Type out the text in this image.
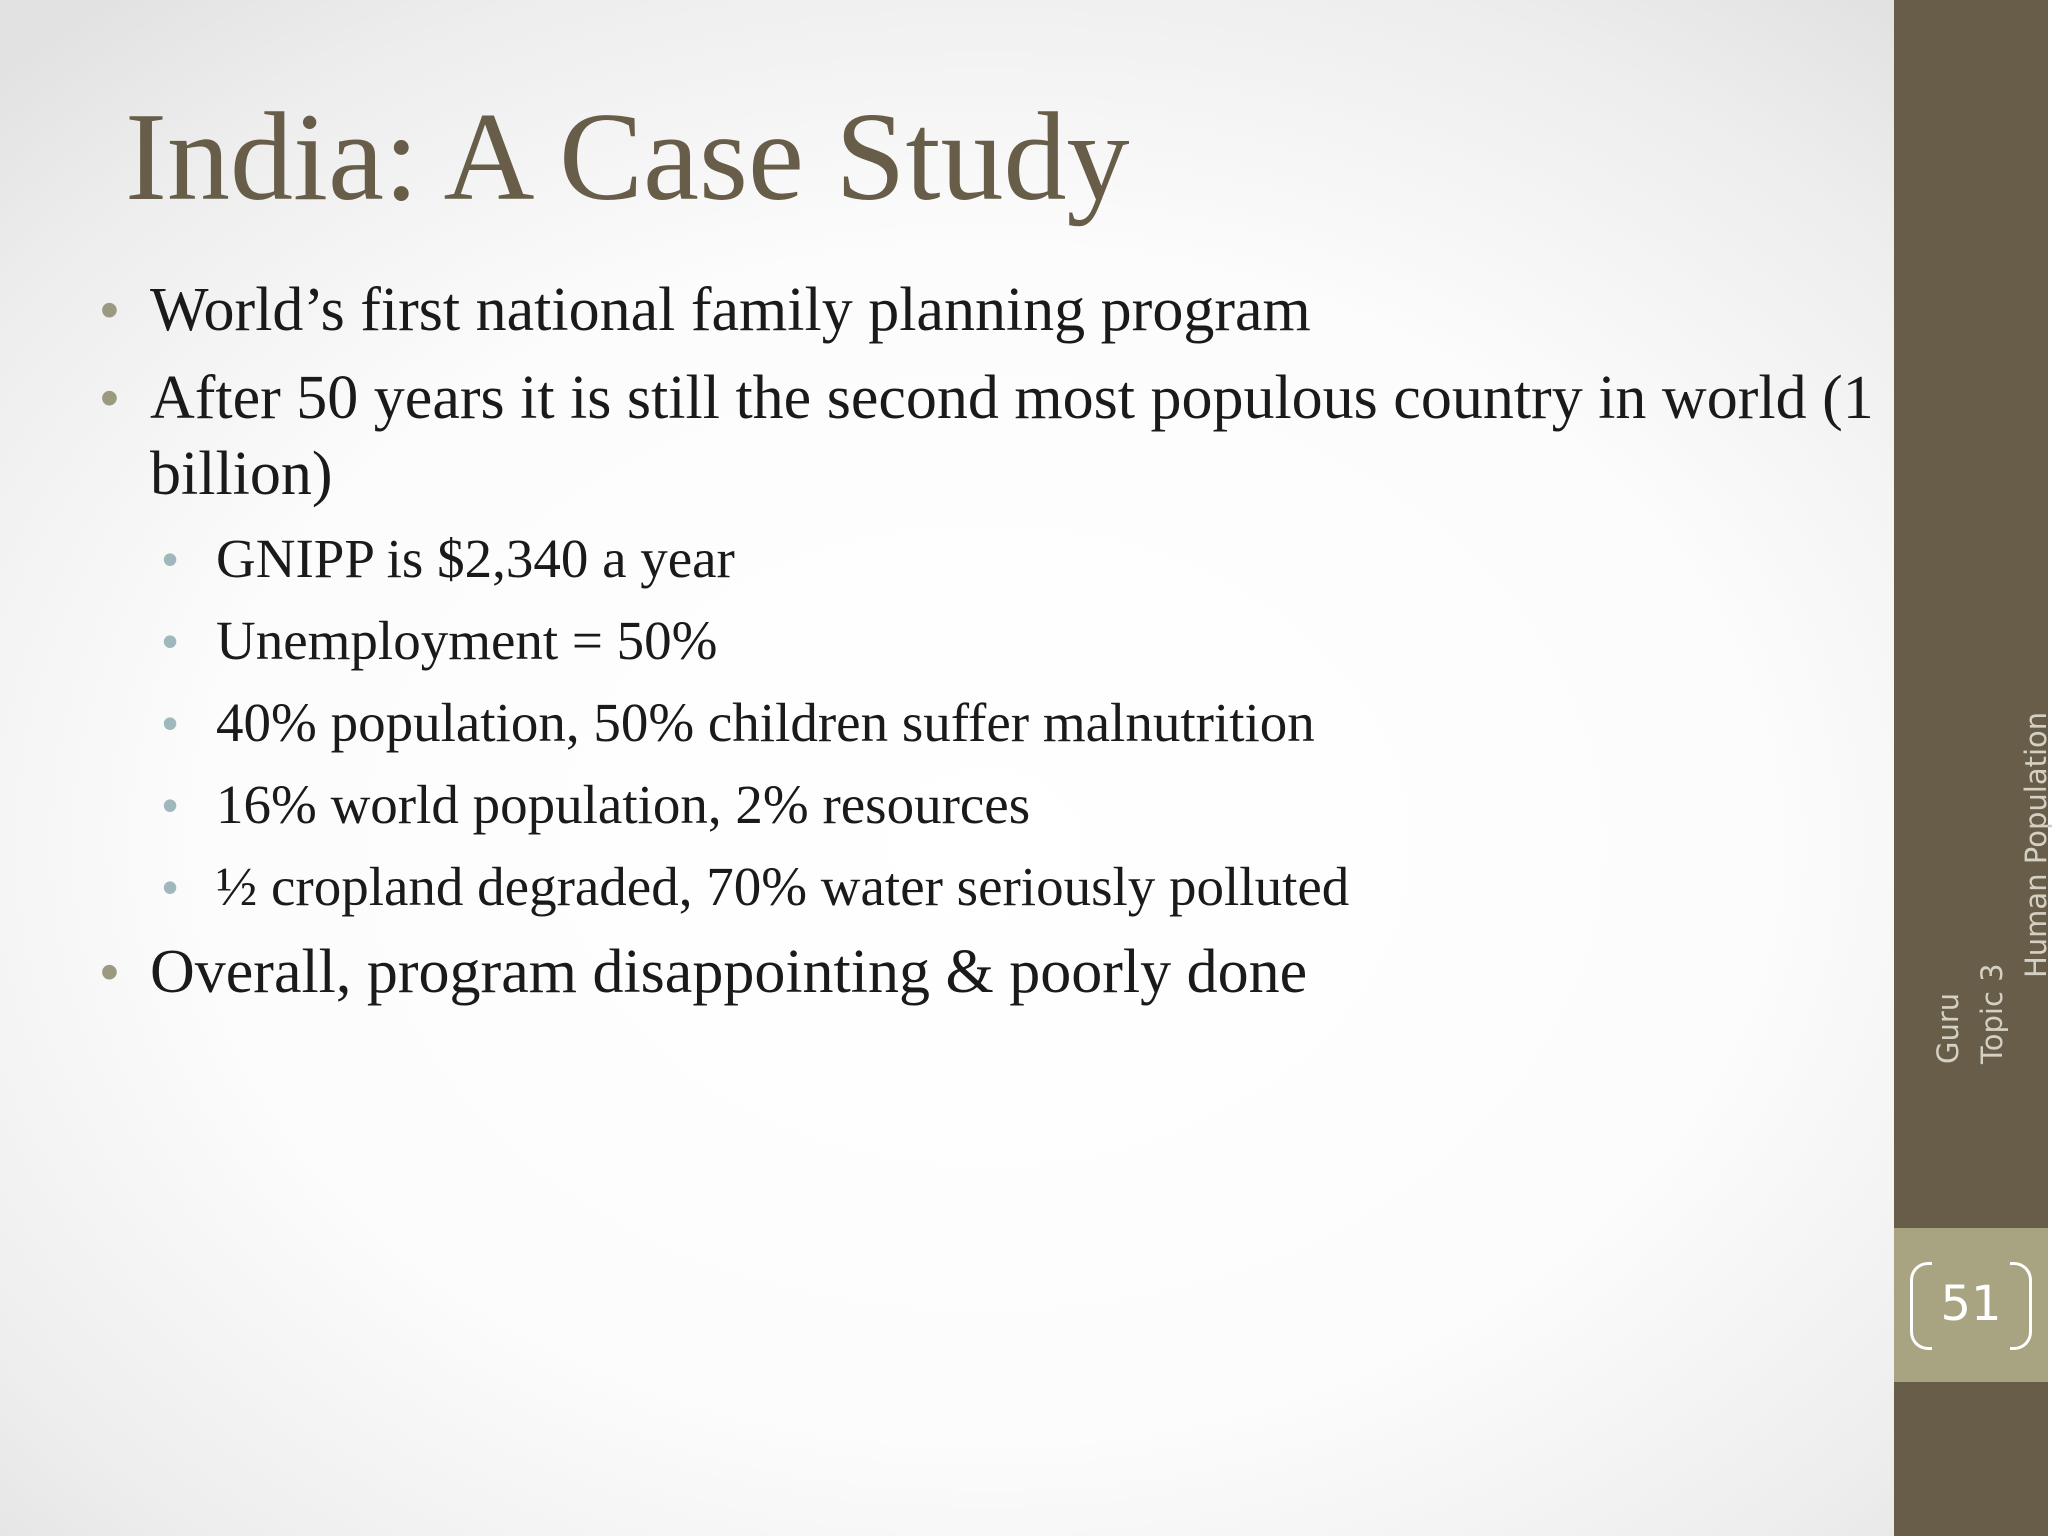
India: A Case Study
• World’s first national family planning program
• After 50 years it is still the second most populous country in world (1 billion)
• GNIPP is $2,340 a year
• Unemployment = 50%
• 40% population, 50% children suffer malnutrition
• 16% world population, 2% resources
• ½ cropland degraded, 70% water seriously polluted
• Overall, program disappointing & poorly done
Guru Topic 3
Human Population
51
